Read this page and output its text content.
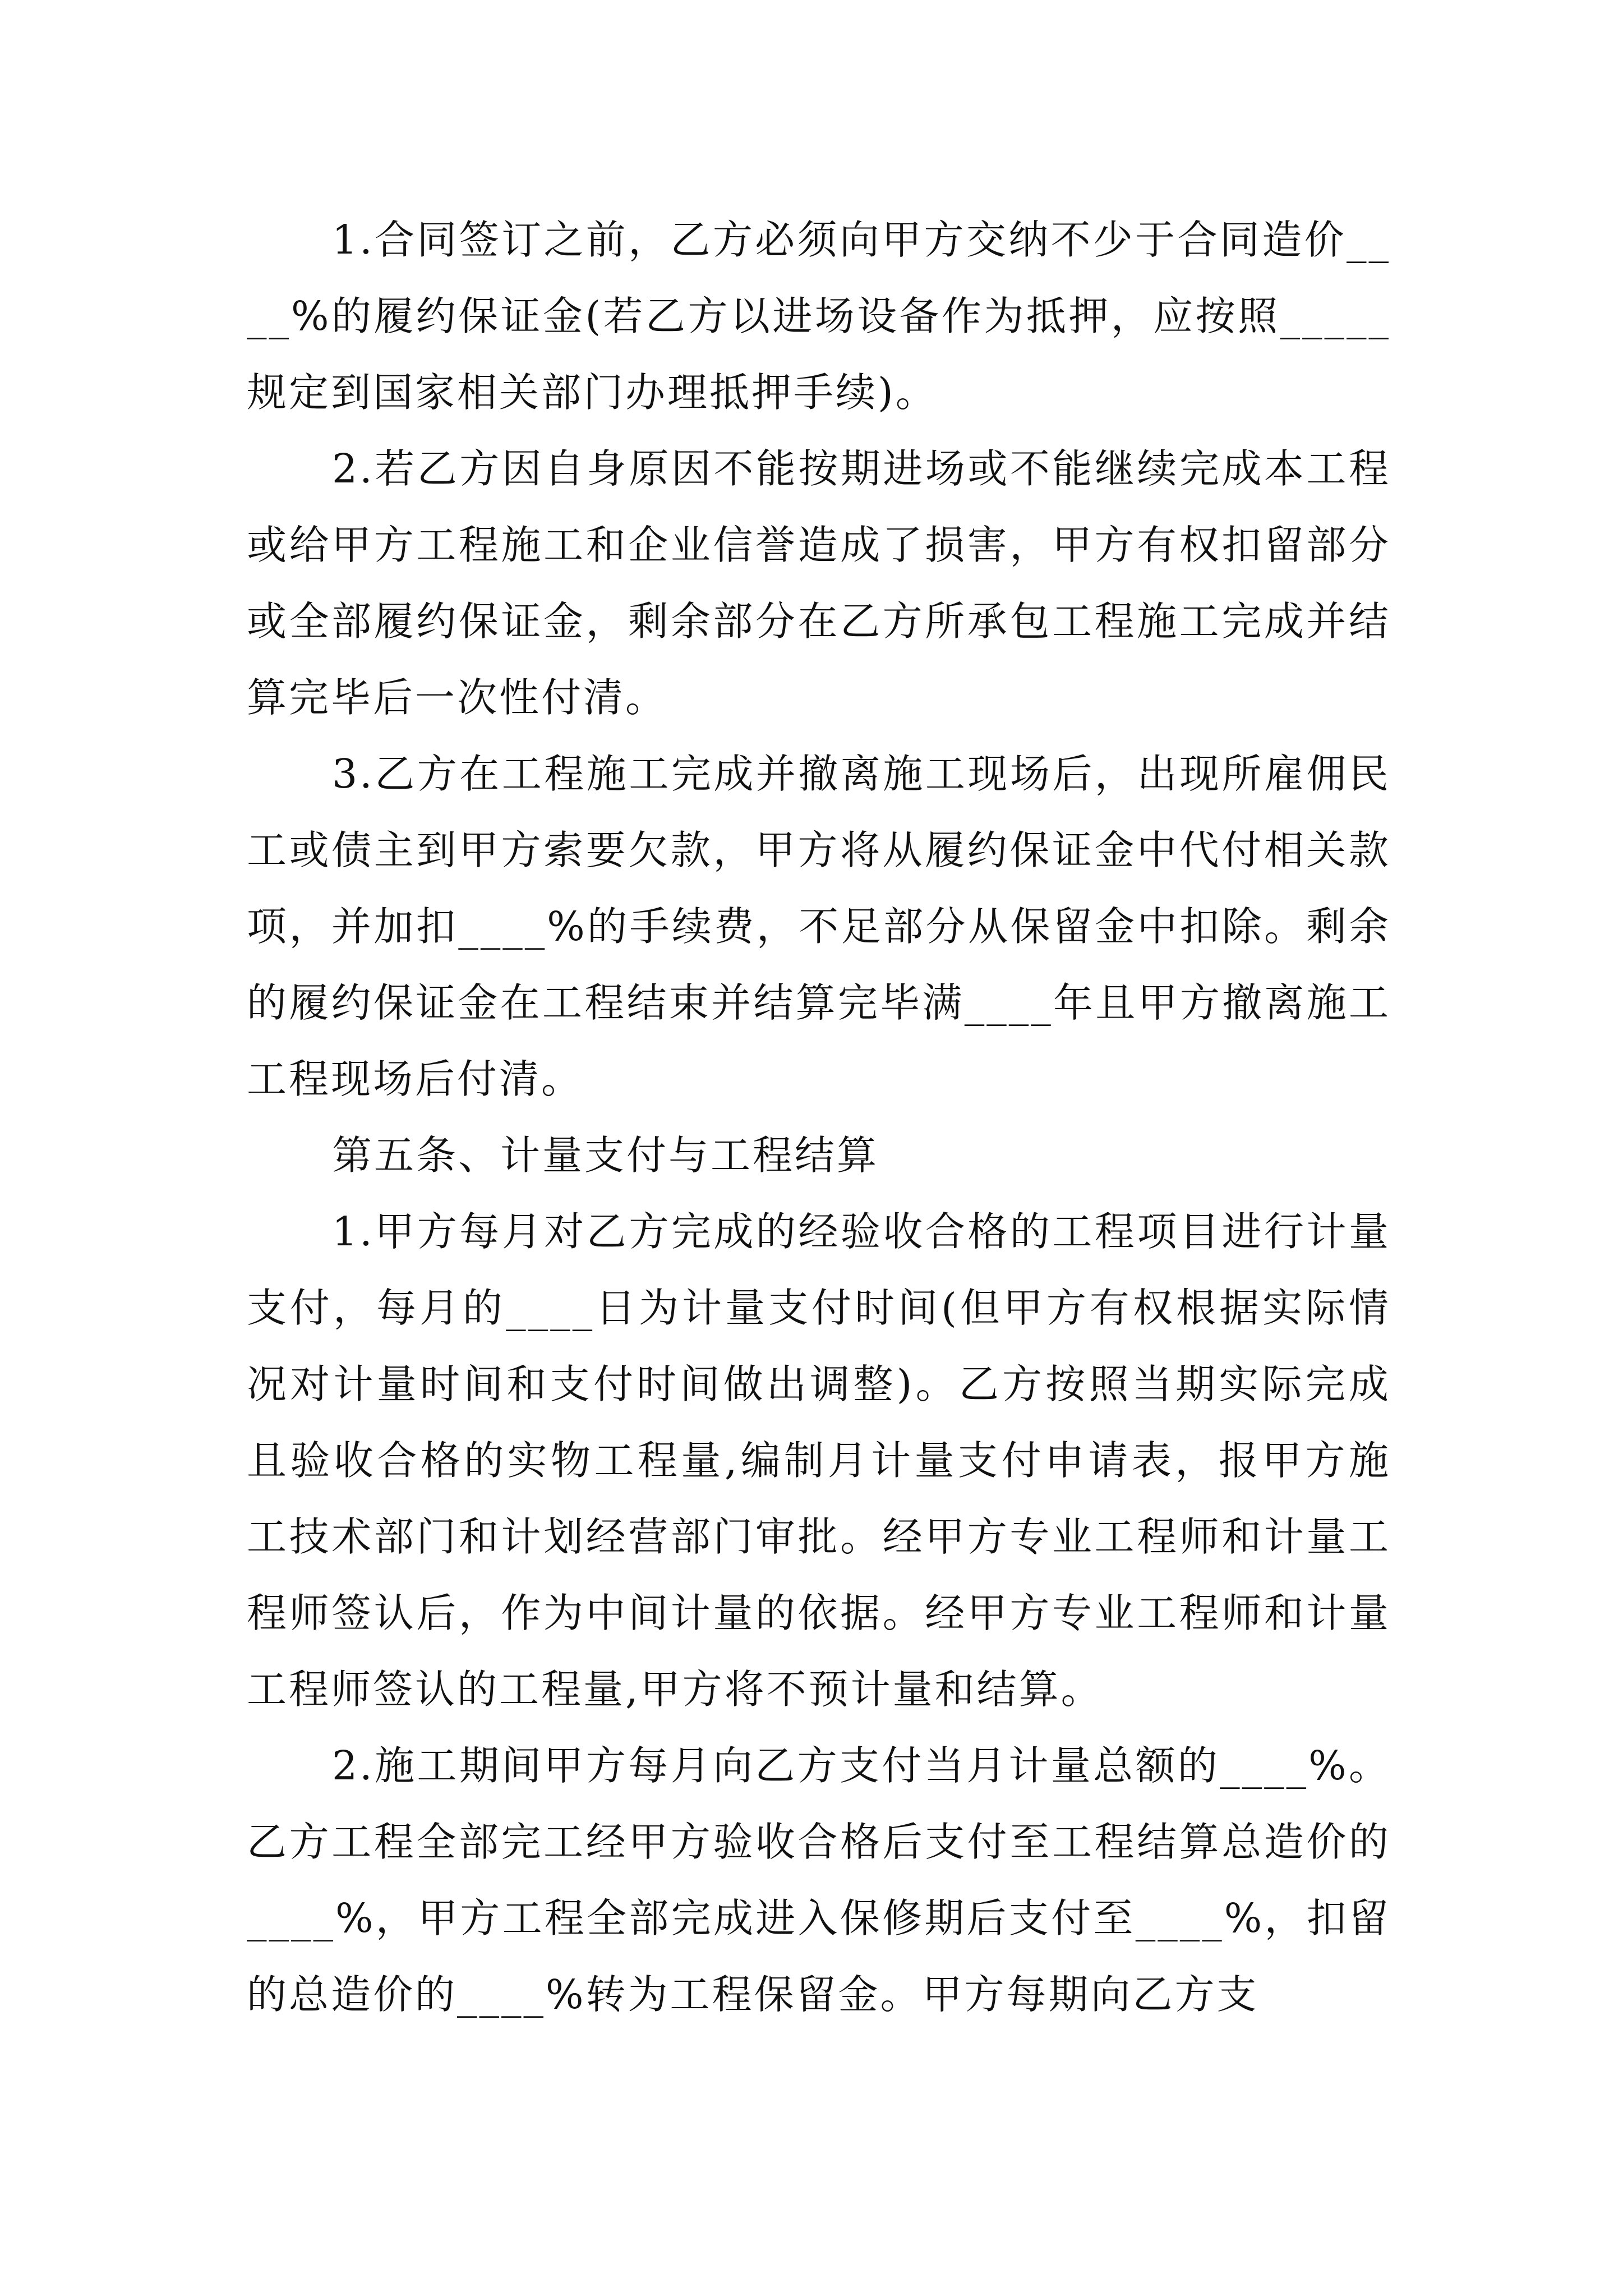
1.合同签订之前，乙方必须向甲方交纳不少于合同造价____%的履约保证金(若乙方以进场设备作为抵押，应按照_____规定到国家相关部门办理抵押手续)。

2.若乙方因自身原因不能按期进场或不能继续完成本工程或给甲方工程施工和企业信誉造成了损害，甲方有权扣留部分或全部履约保证金，剩余部分在乙方所承包工程施工完成并结算完毕后一次性付清。

3.乙方在工程施工完成并撤离施工现场后，出现所雇佣民工或债主到甲方索要欠款，甲方将从履约保证金中代付相关款项，并加扣____%的手续费，不足部分从保留金中扣除。剩余的履约保证金在工程结束并结算完毕满____年且甲方撤离施工工程现场后付清。

第五条、计量支付与工程结算

1.甲方每月对乙方完成的经验收合格的工程项目进行计量支付，每月的____日为计量支付时间(但甲方有权根据实际情况对计量时间和支付时间做出调整)。乙方按照当期实际完成且验收合格的实物工程量,编制月计量支付申请表，报甲方施工技术部门和计划经营部门审批。经甲方专业工程师和计量工程师签认后，作为中间计量的依据。经甲方专业工程师和计量工程师签认的工程量,甲方将不预计量和结算。

2.施工期间甲方每月向乙方支付当月计量总额的____%。乙方工程全部完工经甲方验收合格后支付至工程结算总造价的____%，甲方工程全部完成进入保修期后支付至____%，扣留的总造价的____%转为工程保留金。甲方每期向乙方支
